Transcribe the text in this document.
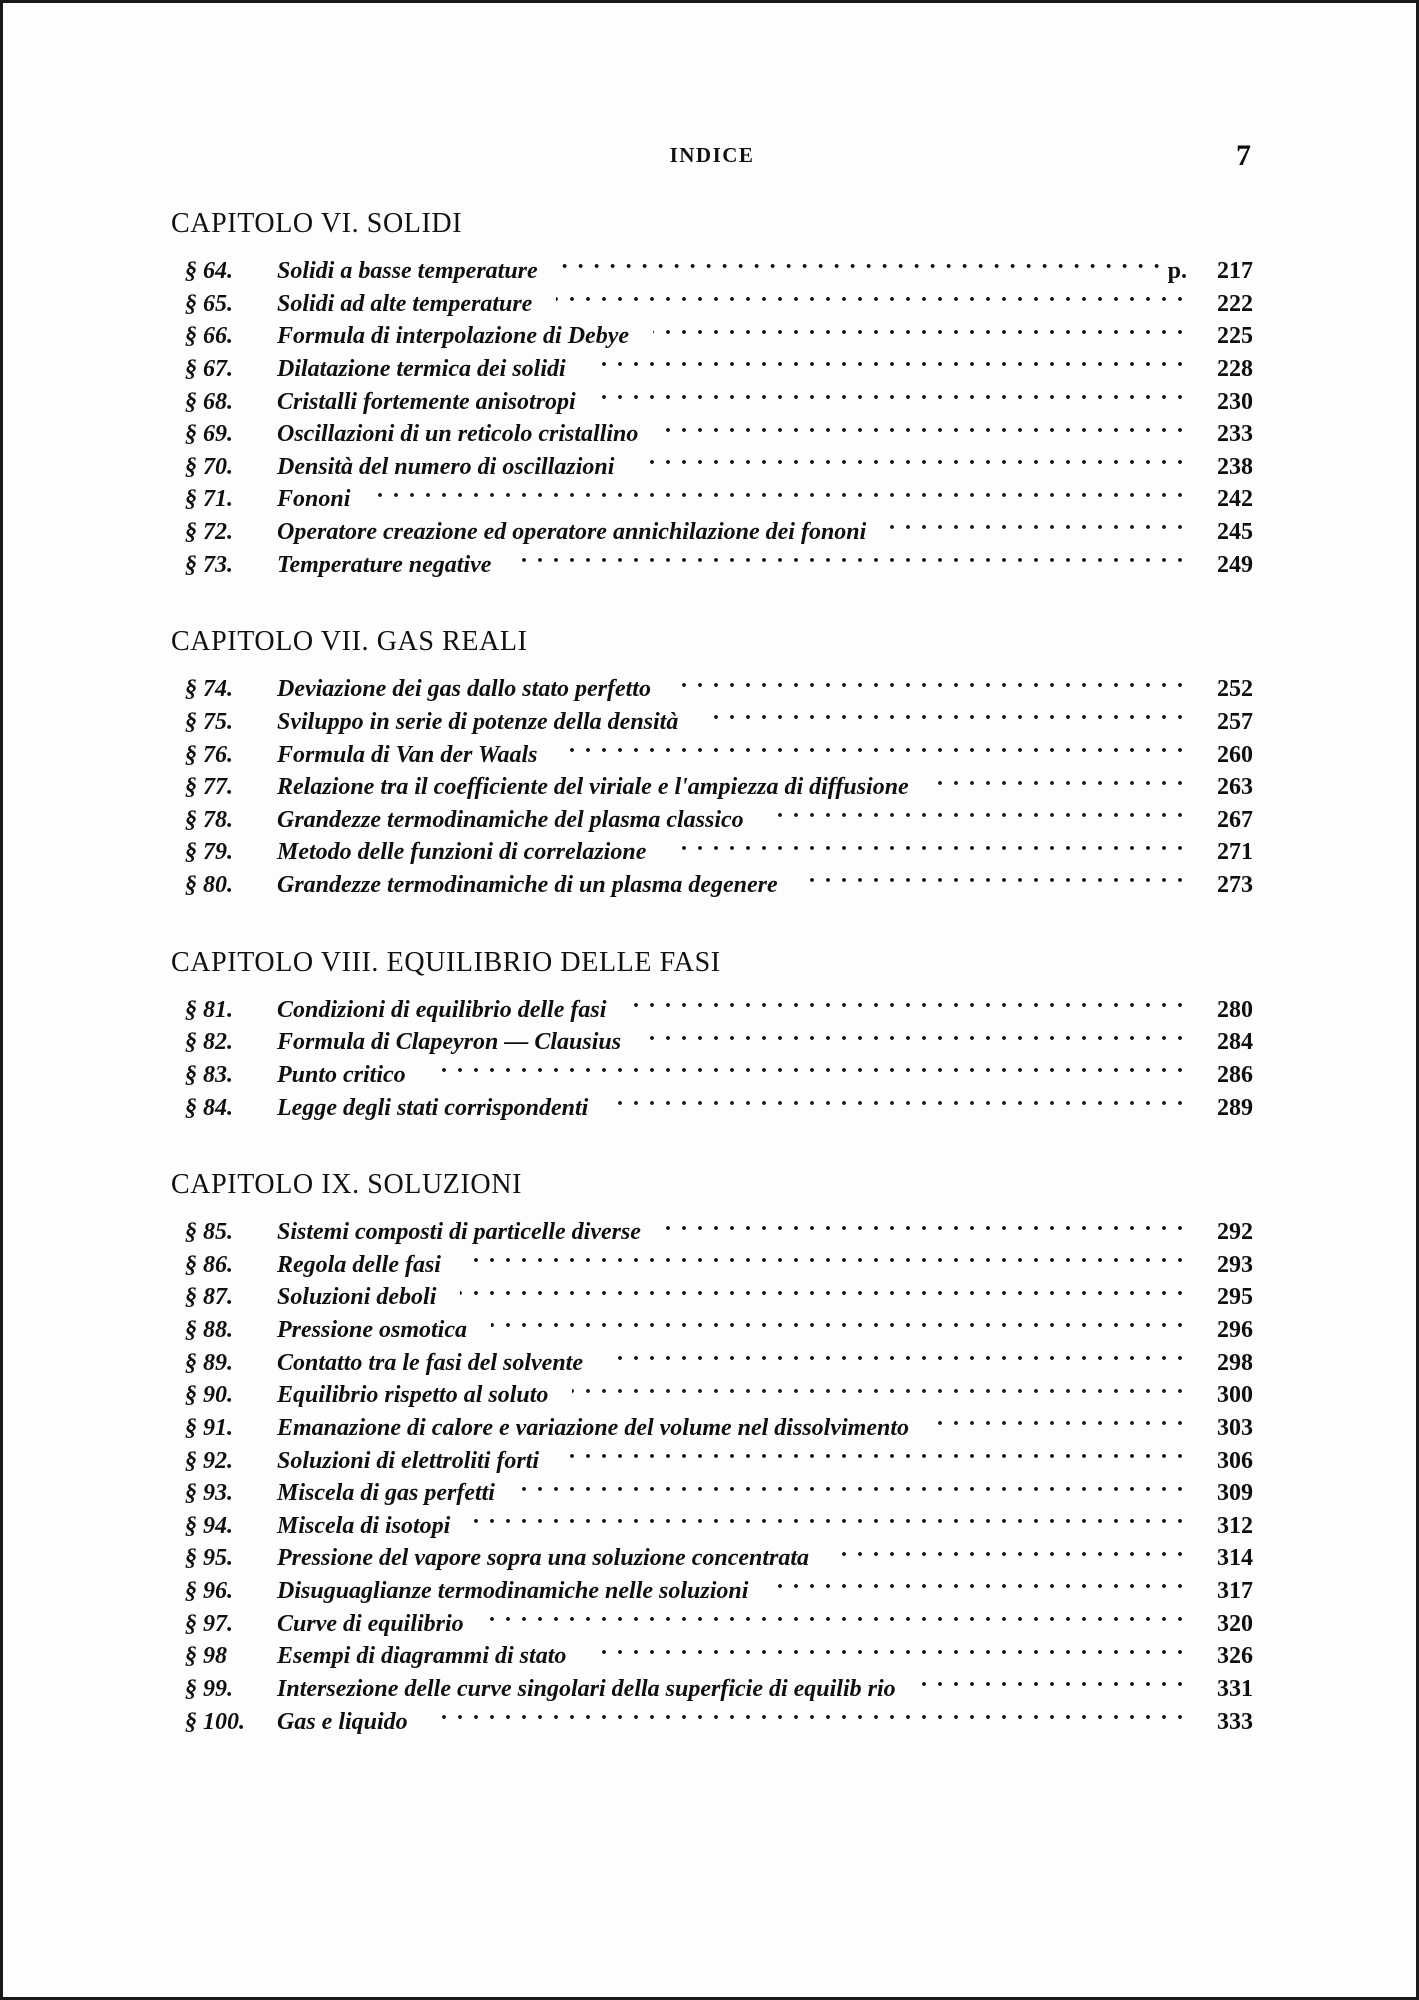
INDICE	7
CAPITOLO VI. SOLIDI
§ 64.	Solidi a basse temperature . . .	p.	217
§ 65.	Solidi ad alte temperature . . .	222
§ 66.	Formula di interpolazione di Debye . . .	225
§ 67.	Dilatazione termica dei solidi . . .	228
§ 68.	Cristalli fortemente anisotropi . . .	230
§ 69.	Oscillazioni di un reticolo cristallino . . .	233
§ 70.	Densità del numero di oscillazioni . . .	238
§ 71.	Fononi . . .	242
§ 72.	Operatore creazione ed operatore annichilazione dei fononi . . .	245
§ 73.	Temperature negative . . .	249
CAPITOLO VII. GAS REALI
§ 74.	Deviazione dei gas dallo stato perfetto . . .	252
§ 75.	Sviluppo in serie di potenze della densità . . .	257
§ 76.	Formula di Van der Waals . . .	260
§ 77.	Relazione tra il coefficiente del viriale e l'ampiezza di diffusione . . .	263
§ 78.	Grandezze termodinamiche del plasma classico . . .	267
§ 79.	Metodo delle funzioni di correlazione . . .	271
§ 80.	Grandezze termodinamiche di un plasma degenere . . .	273
CAPITOLO VIII. EQUILIBRIO DELLE FASI
§ 81.	Condizioni di equilibrio delle fasi . . .	280
§ 82.	Formula di Clapeyron — Clausius . . .	284
§ 83.	Punto critico . . .	286
§ 84.	Legge degli stati corrispondenti . . .	289
CAPITOLO IX. SOLUZIONI
§ 85.	Sistemi composti di particelle diverse . . .	292
§ 86.	Regola delle fasi . . .	293
§ 87.	Soluzioni deboli . . .	295
§ 88.	Pressione osmotica . . .	296
§ 89.	Contatto tra le fasi del solvente . . .	298
§ 90.	Equilibrio rispetto al soluto . . .	300
§ 91.	Emanazione di calore e variazione del volume nel dissolvimento . . .	303
§ 92.	Soluzioni di elettroliti forti . . .	306
§ 93.	Miscela di gas perfetti . . .	309
§ 94.	Miscela di isotopi . . .	312
§ 95.	Pressione del vapore sopra una soluzione concentrata . . .	314
§ 96.	Disuguaglianze termodinamiche nelle soluzioni . . .	317
§ 97.	Curve di equilibrio . . .	320
§ 98	Esempi di diagrammi di stato . . .	326
§ 99.	Intersezione delle curve singolari della superficie di equilib rio . . .	331
§ 100.	Gas e liquido . . .	333
